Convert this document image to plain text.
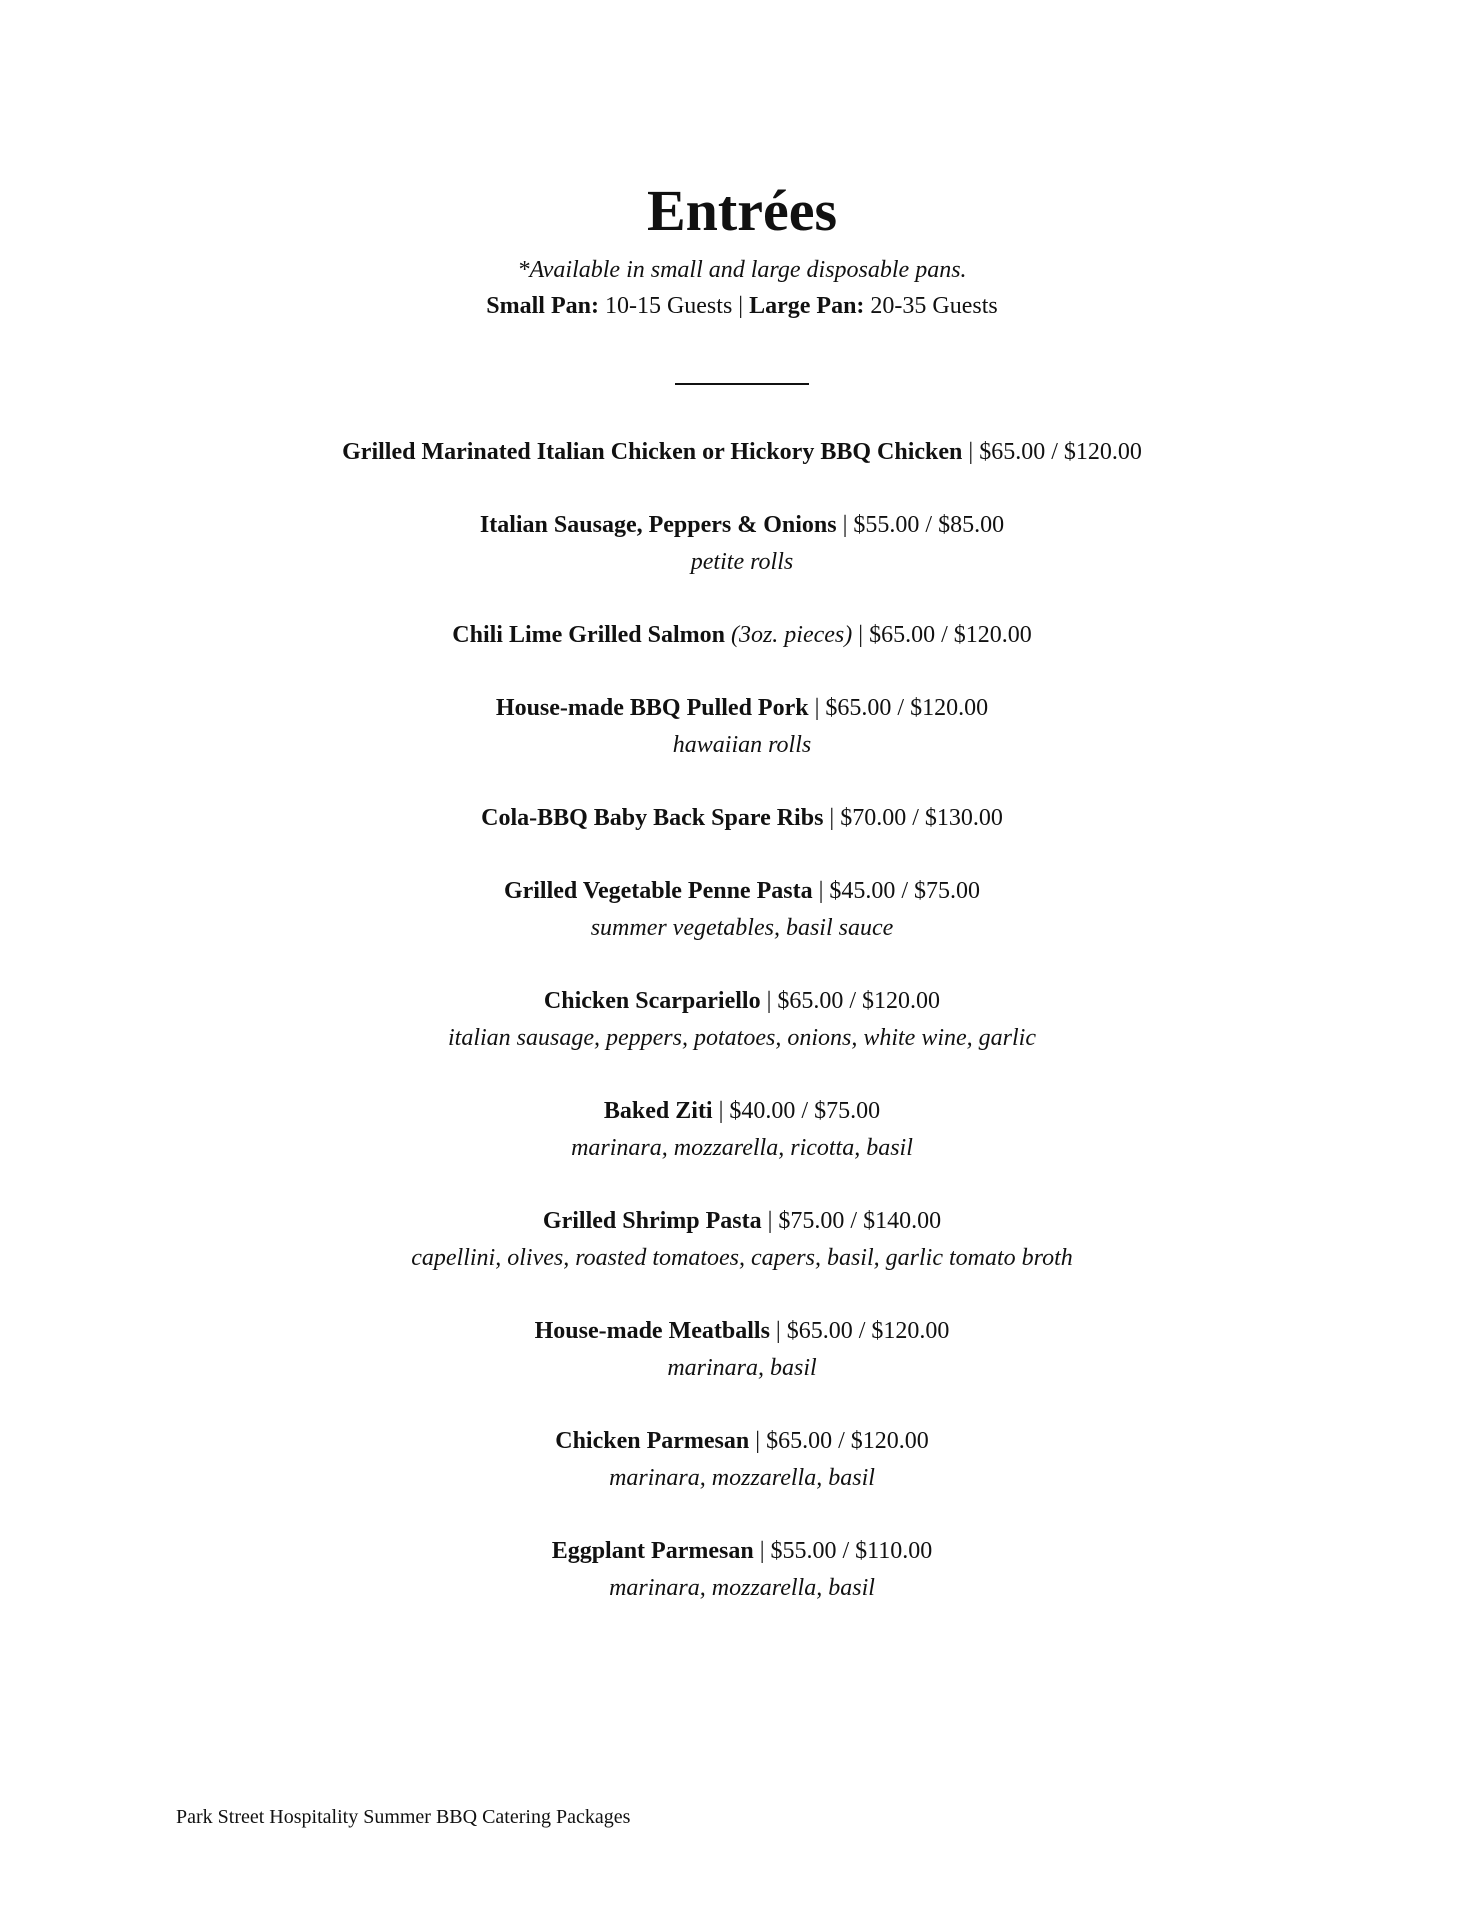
Entrées
*Available in small and large disposable pans.
Small Pan: 10-15 Guests | Large Pan: 20-35 Guests
Grilled Marinated Italian Chicken or Hickory BBQ Chicken | $65.00 / $120.00
Italian Sausage, Peppers & Onions | $55.00 / $85.00
petite rolls
Chili Lime Grilled Salmon (3oz. pieces) | $65.00 / $120.00
House-made BBQ Pulled Pork | $65.00 / $120.00
hawaiian rolls
Cola-BBQ Baby Back Spare Ribs | $70.00 / $130.00
Grilled Vegetable Penne Pasta | $45.00 / $75.00
summer vegetables, basil sauce
Chicken Scarpariello | $65.00 / $120.00
italian sausage, peppers, potatoes, onions, white wine, garlic
Baked Ziti | $40.00 / $75.00
marinara, mozzarella, ricotta, basil
Grilled Shrimp Pasta | $75.00 / $140.00
capellini, olives, roasted tomatoes, capers, basil, garlic tomato broth
House-made Meatballs | $65.00 / $120.00
marinara, basil
Chicken Parmesan | $65.00 / $120.00
marinara, mozzarella, basil
Eggplant Parmesan | $55.00 / $110.00
marinara, mozzarella, basil
Park Street Hospitality Summer BBQ Catering Packages
